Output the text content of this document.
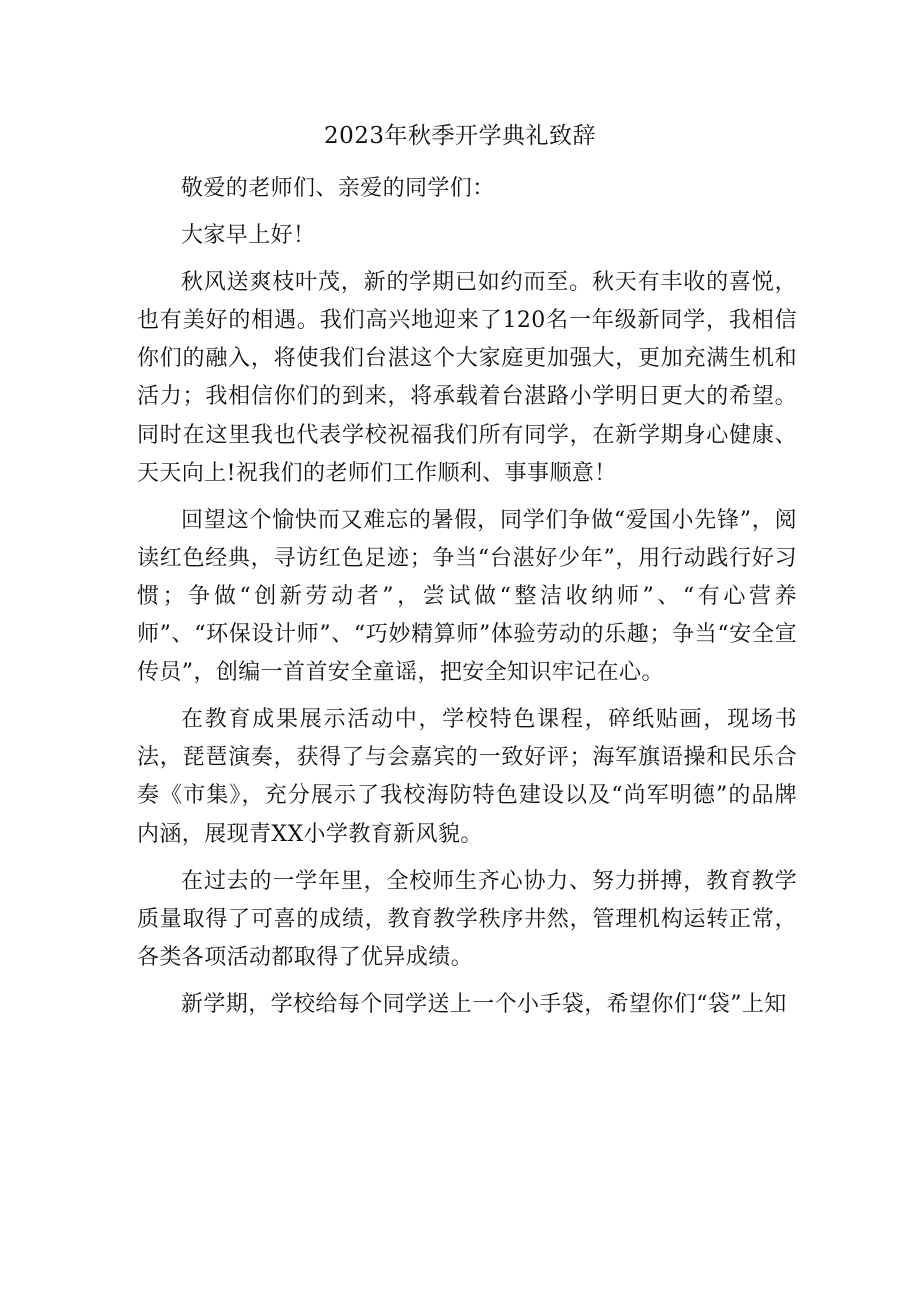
2023年秋季开学典礼致辞

敬爱的老师们、亲爱的同学们：

大家早上好！

秋风送爽枝叶茂，新的学期已如约而至。秋天有丰收的喜悦，也有美好的相遇。我们高兴地迎来了120名一年级新同学，我相信你们的融入，将使我们台湛这个大家庭更加强大，更加充满生机和活力；我相信你们的到来，将承载着台湛路小学明日更大的希望。同时在这里我也代表学校祝福我们所有同学，在新学期身心健康、天天向上!祝我们的老师们工作顺利、事事顺意！

回望这个愉快而又难忘的暑假，同学们争做“爱国小先锋”，阅读红色经典，寻访红色足迹；争当“台湛好少年”，用行动践行好习惯；争做“创新劳动者”，尝试做“整洁收纳师”、“有心营养师”、“环保设计师”、“巧妙精算师”体验劳动的乐趣；争当“安全宣传员”，创编一首首安全童谣，把安全知识牢记在心。

在教育成果展示活动中，学校特色课程，碎纸贴画，现场书法，琵琶演奏，获得了与会嘉宾的一致好评；海军旗语操和民乐合奏《市集》，充分展示了我校海防特色建设以及“尚军明德”的品牌内涵，展现青XX小学教育新风貌。

在过去的一学年里，全校师生齐心协力、努力拼搏，教育教学质量取得了可喜的成绩，教育教学秩序井然，管理机构运转正常，各类各项活动都取得了优异成绩。

新学期，学校给每个同学送上一个小手袋，希望你们“袋”上知
